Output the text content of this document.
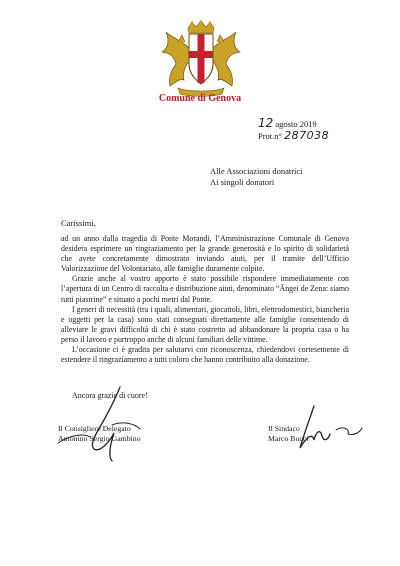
Comune di Genova
12 agosto 2019
Prot.n° 287038
Alle Associazioni donatrici
Ai singoli donatori
Carissimi,

ad un anno dalla tragedia di Ponte Morandi, l’Amministrazione Comunale di Genova desidera esprimere un ringraziamento per la grande generosità e lo spirito di solidarietà che avete concretamente dimostrato inviando aiuti, per il tramite dell’Ufficio Valorizzazione del Volontariato, alle famiglie duramente colpite.

Grazie anche al vostro apporto è stato possibile rispondere immediatamente con l’apertura di un Centro di raccolta e distribuzione aiuti, denominato “Ãngei de Zena: siamo tutti piastrine” e situato a pochi metri dal Ponte.

I generi di necessità (tra i quali, alimentari, giocattoli, libri, elettrodomestici, biancheria e oggetti per la casa) sono stati consegnati direttamente alle famiglie consentendo di alleviare le gravi difficoltà di chi è stato costretto ad abbandonare la propria casa o ha perso il lavoro e purtroppo anche di alcuni familiari delle vittime.

L’occasione ci è gradita per salutarvi con riconoscenza, chiedendovi cortesemente di estendere il ringraziamento a tutti coloro che hanno contribuito alla donazione.

Ancora grazie di cuore!
Il Consigliere Delegato
Antonino Sergio Gambino
Il Sindaco
Marco Bucci
